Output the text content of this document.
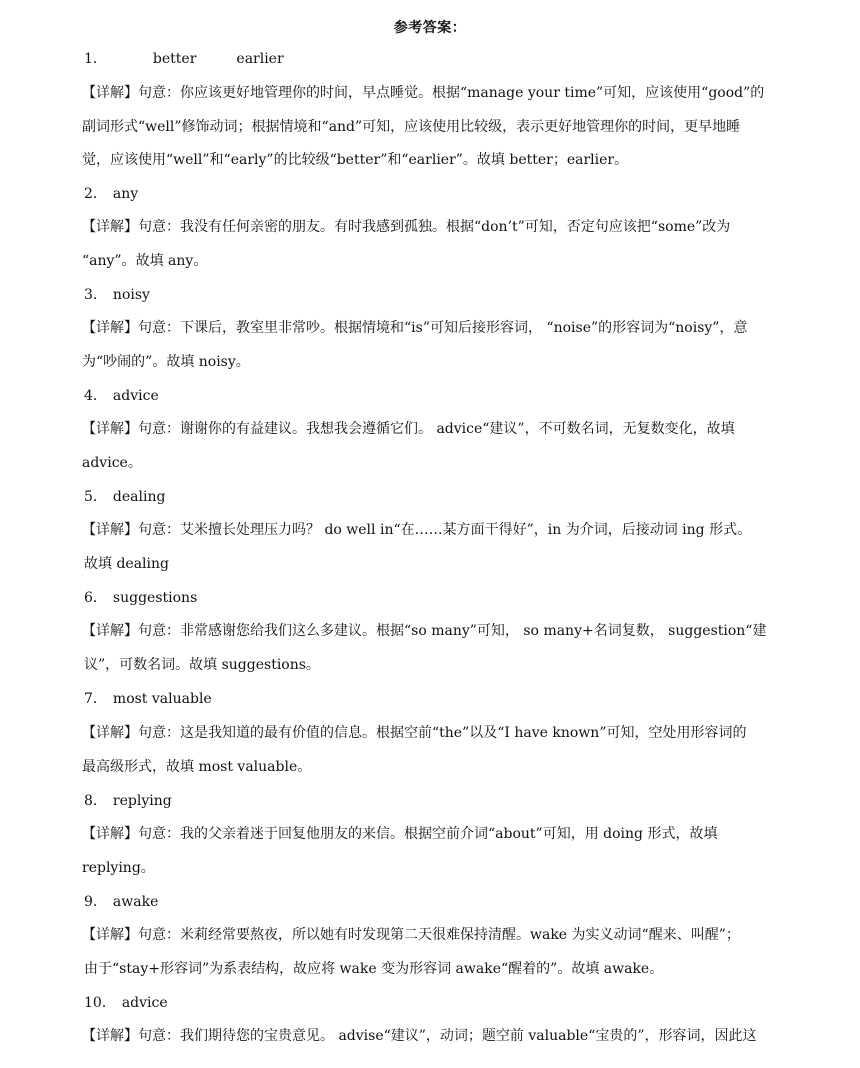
参考答案：
1．	better	earlier
【详解】句意：你应该更好地管理你的时间，早点睡觉。根据“manage your time”可知，应该使用“good”的
副词形式“well”修饰动词；根据情境和“and”可知，应该使用比较级，表示更好地管理你的时间，更早地睡
觉，应该使用“well”和“early”的比较级“better”和“earlier”。故填 better；earlier。
2． any
【详解】句意：我没有任何亲密的朋友。有时我感到孤独。根据“don’t”可知，否定句应该把“some”改为
“any”。故填 any。
3． noisy
【详解】句意：下课后，教室里非常吵。根据情境和“is”可知后接形容词， “noise”的形容词为“noisy”，意
为“吵闹的”。故填 noisy。
4． advice
【详解】句意：谢谢你的有益建议。我想我会遵循它们。 advice“建议”，不可数名词，无复数变化，故填
advice。
5． dealing
【详解】句意：艾米擅长处理压力吗？ do well in“在……某方面干得好”，in 为介词，后接动词 ing 形式。
故填 dealing
6． suggestions
【详解】句意：非常感谢您给我们这么多建议。根据“so many”可知， so many+名词复数， suggestion“建
议”，可数名词。故填 suggestions。
7． most valuable
【详解】句意：这是我知道的最有价值的信息。根据空前“the”以及“I have known”可知，空处用形容词的
最高级形式，故填 most valuable。
8． replying
【详解】句意：我的父亲着迷于回复他朋友的来信。根据空前介词“about”可知，用 doing 形式，故填
replying。
9． awake
【详解】句意：米莉经常要熬夜，所以她有时发现第二天很难保持清醒。wake 为实义动词“醒来、叫醒”；
由于“stay+形容词”为系表结构，故应将 wake 变为形容词 awake“醒着的”。故填 awake。
10． advice
【详解】句意：我们期待您的宝贵意见。 advise“建议”，动词；题空前 valuable“宝贵的”，形容词，因此这
